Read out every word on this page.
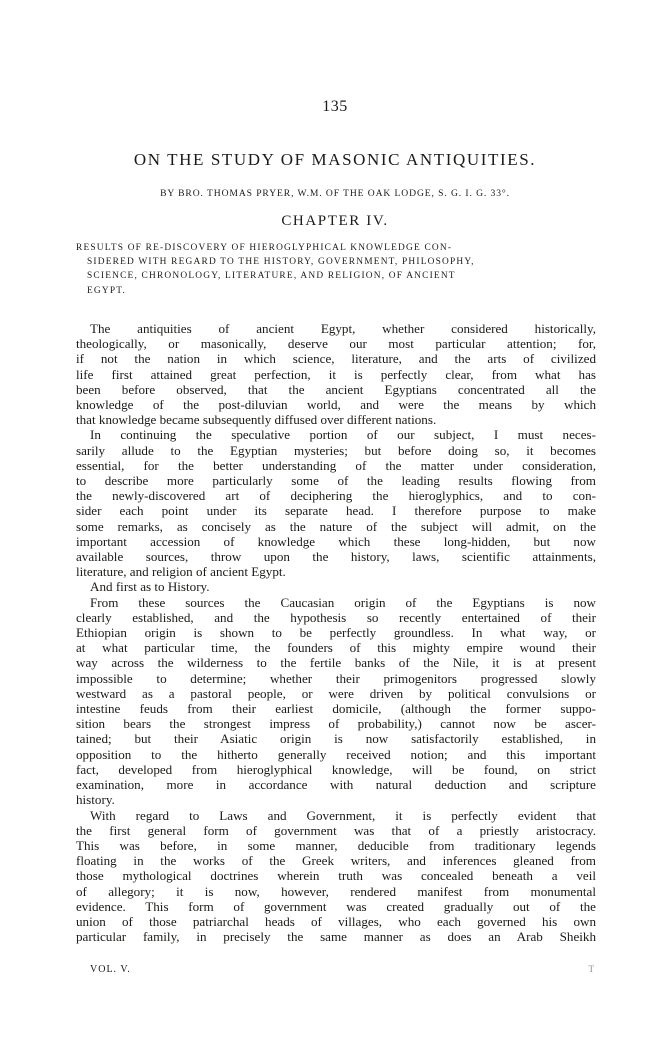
135
ON THE STUDY OF MASONIC ANTIQUITIES.
BY BRO. THOMAS PRYER, W.M. OF THE OAK LODGE, S. G. I. G. 33°.
CHAPTER IV.
RESULTS OF RE-DISCOVERY OF HIEROGLYPHICAL KNOWLEDGE CON-
SIDERED WITH REGARD TO THE HISTORY, GOVERNMENT, PHILOSOPHY,
SCIENCE, CHRONOLOGY, LITERATURE, AND RELIGION, OF ANCIENT
EGYPT.
The antiquities of ancient Egypt, whether considered historically,
theologically, or masonically, deserve our most particular attention; for,
if not the nation in which science, literature, and the arts of civilized
life first attained great perfection, it is perfectly clear, from what has
been before observed, that the ancient Egyptians concentrated all the
knowledge of the post-diluvian world, and were the means by which
that knowledge became subsequently diffused over different nations.
In continuing the speculative portion of our subject, I must neces-
sarily allude to the Egyptian mysteries; but before doing so, it becomes
essential, for the better understanding of the matter under consideration,
to describe more particularly some of the leading results flowing from
the newly-discovered art of deciphering the hieroglyphics, and to con-
sider each point under its separate head. I therefore purpose to make
some remarks, as concisely as the nature of the subject will admit, on the
important accession of knowledge which these long-hidden, but now
available sources, throw upon the history, laws, scientific attainments,
literature, and religion of ancient Egypt.
And first as to History.
From these sources the Caucasian origin of the Egyptians is now
clearly established, and the hypothesis so recently entertained of their
Ethiopian origin is shown to be perfectly groundless. In what way, or
at what particular time, the founders of this mighty empire wound their
way across the wilderness to the fertile banks of the Nile, it is at present
impossible to determine; whether their primogenitors progressed slowly
westward as a pastoral people, or were driven by political convulsions or
intestine feuds from their earliest domicile, (although the former suppo-
sition bears the strongest impress of probability,) cannot now be ascer-
tained; but their Asiatic origin is now satisfactorily established, in
opposition to the hitherto generally received notion; and this important
fact, developed from hieroglyphical knowledge, will be found, on strict
examination, more in accordance with natural deduction and scripture
history.
With regard to Laws and Government, it is perfectly evident that
the first general form of government was that of a priestly aristocracy.
This was before, in some manner, deducible from traditionary legends
floating in the works of the Greek writers, and inferences gleaned from
those mythological doctrines wherein truth was concealed beneath a veil
of allegory; it is now, however, rendered manifest from monumental
evidence. This form of government was created gradually out of the
union of those patriarchal heads of villages, who each governed his own
particular family, in precisely the same manner as does an Arab Sheikh
VOL. V.	T
